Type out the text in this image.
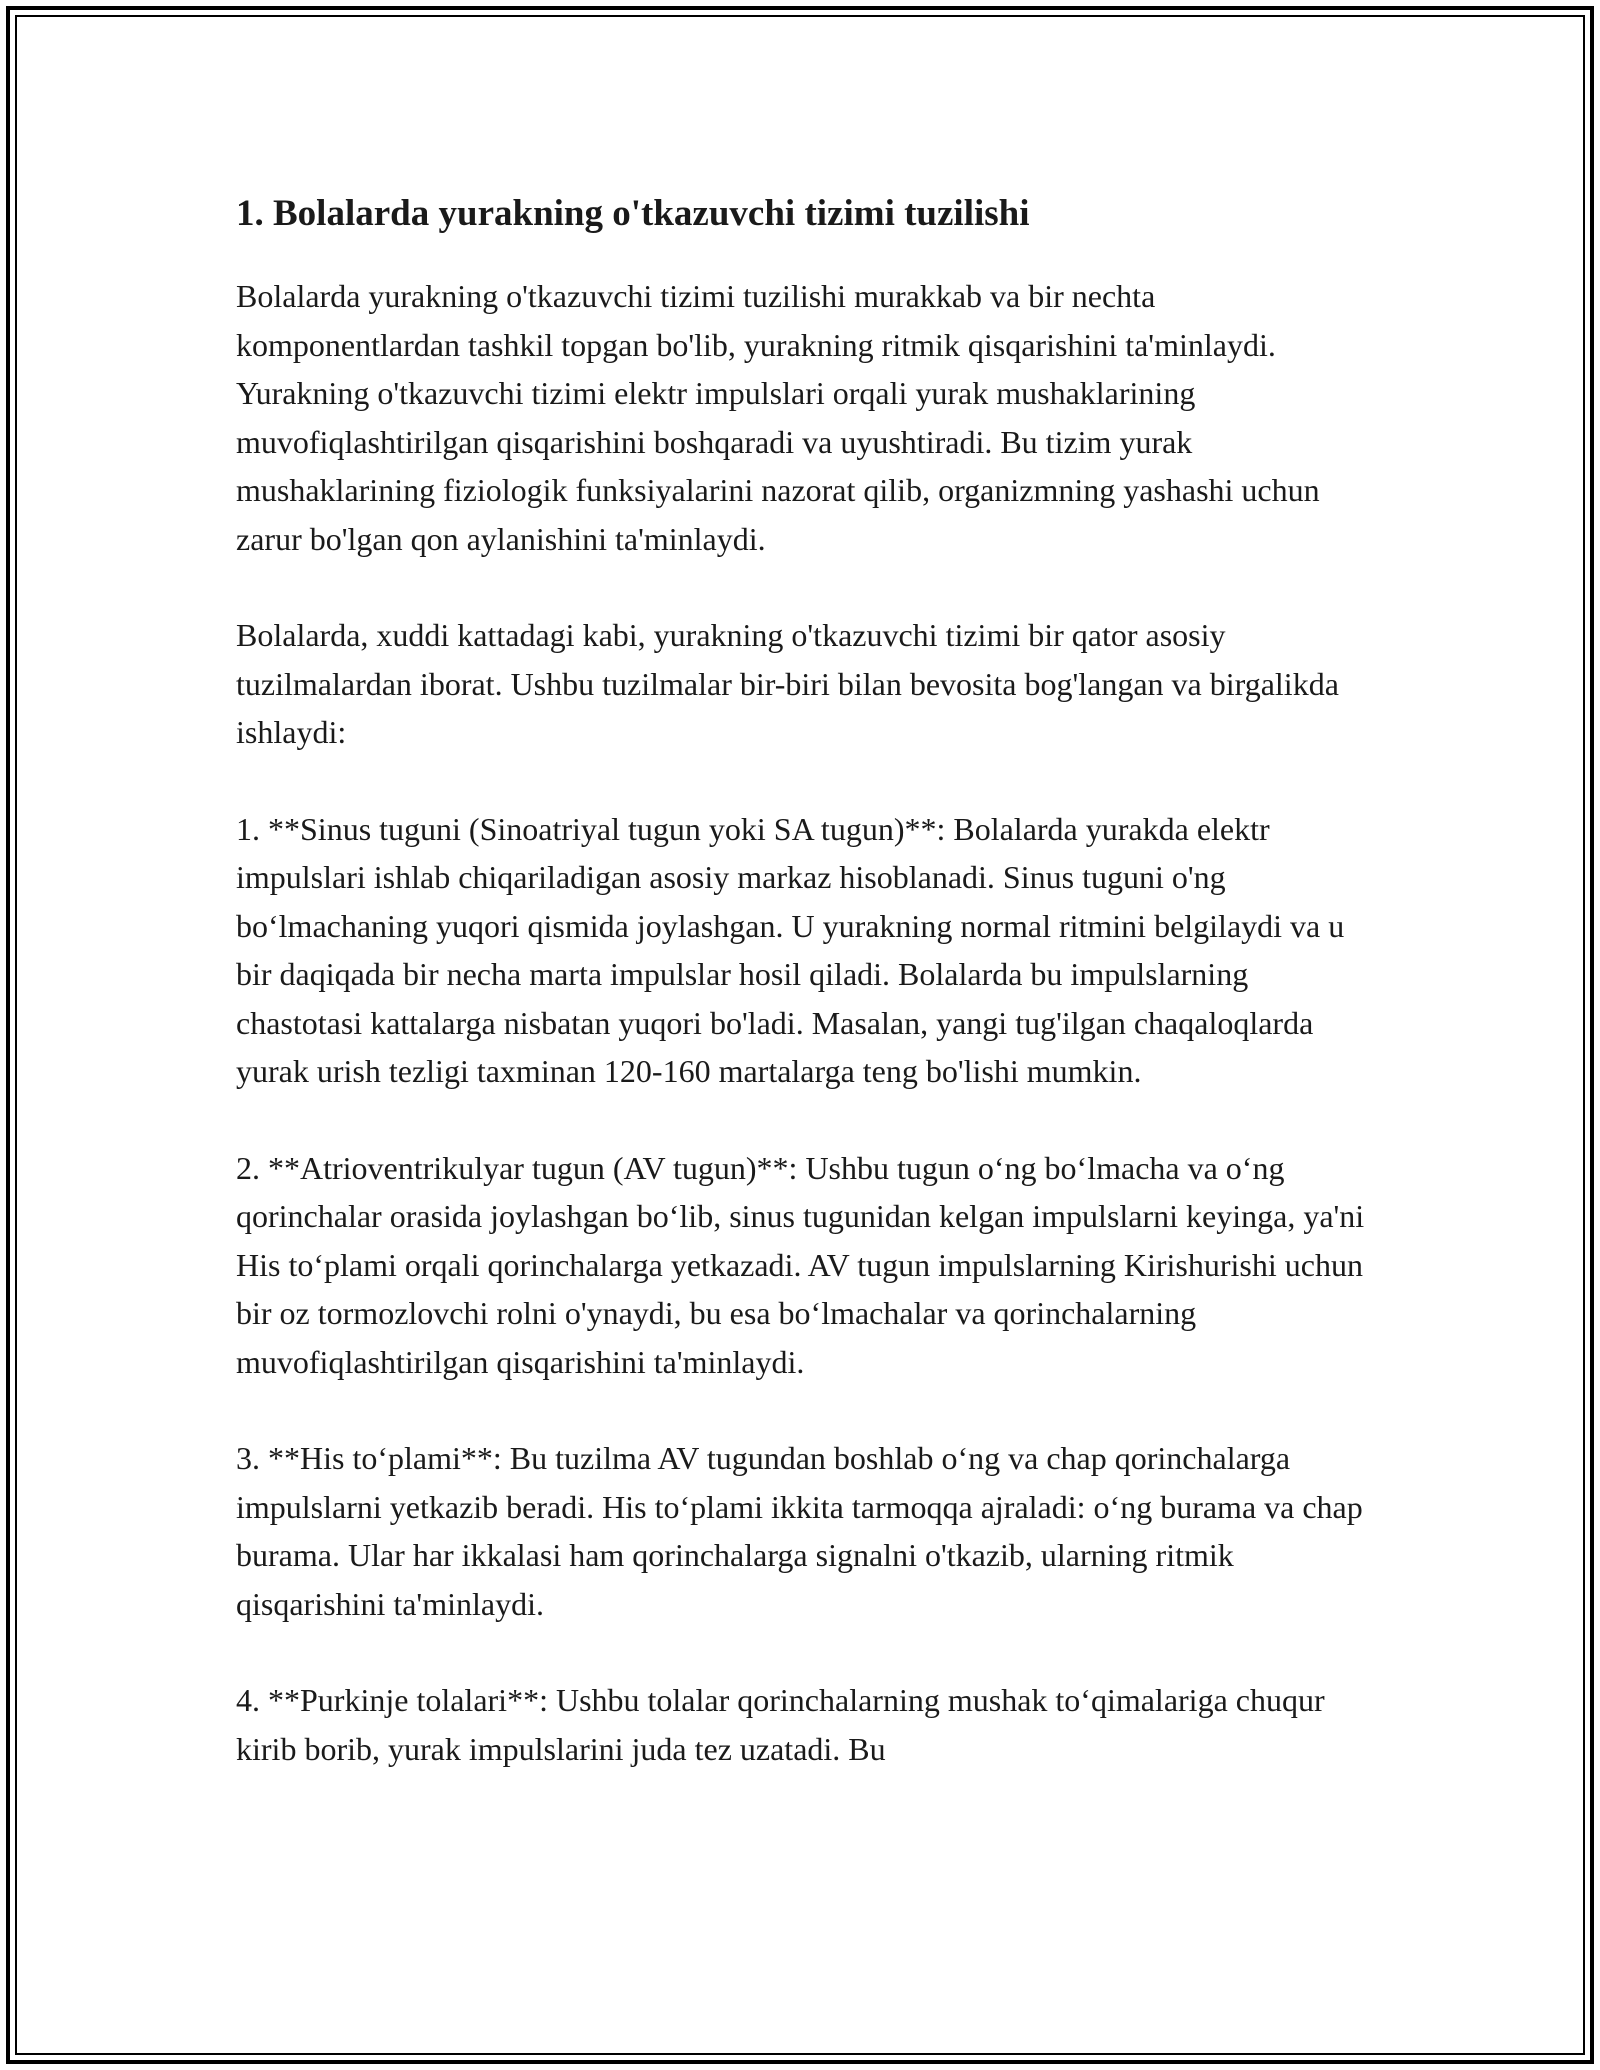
1. Bolalarda yurakning o'tkazuvchi tizimi tuzilishi

Bolalarda yurakning o'tkazuvchi tizimi tuzilishi murakkab va bir nechta komponentlardan tashkil topgan bo'lib, yurakning ritmik qisqarishini ta'minlaydi. Yurakning o'tkazuvchi tizimi elektr impulslari orqali yurak mushaklarining muvofiqlashtirilgan qisqarishini boshqaradi va uyushtiradi. Bu tizim yurak mushaklarining fiziologik funksiyalarini nazorat qilib, organizmning yashashi uchun zarur bo'lgan qon aylanishini ta'minlaydi.

Bolalarda, xuddi kattadagi kabi, yurakning o'tkazuvchi tizimi bir qator asosiy tuzilmalardan iborat. Ushbu tuzilmalar bir-biri bilan bevosita bog'langan va birgalikda ishlaydi:

1. **Sinus tuguni (Sinoatriyal tugun yoki SA tugun)**: Bolalarda yurakda elektr impulslari ishlab chiqariladigan asosiy markaz hisoblanadi. Sinus tuguni o'ng bo‘lmachaning yuqori qismida joylashgan. U yurakning normal ritmini belgilaydi va u bir daqiqada bir necha marta impulslar hosil qiladi. Bolalarda bu impulslarning chastotasi kattalarga nisbatan yuqori bo'ladi. Masalan, yangi tug'ilgan chaqaloqlarda yurak urish tezligi taxminan 120-160 martalarga teng bo'lishi mumkin.

2. **Atrioventrikulyar tugun (AV tugun)**: Ushbu tugun o‘ng bo‘lmacha va o‘ng qorinchalar orasida joylashgan bo‘lib, sinus tugunidan kelgan impulslarni keyinga, ya'ni His to‘plami orqali qorinchalarga yetkazadi. AV tugun impulslarning Kirishurishi uchun bir oz tormozlovchi rolni o'ynaydi, bu esa bo‘lmachalar va qorinchalarning muvofiqlashtirilgan qisqarishini ta'minlaydi.

3. **His to‘plami**: Bu tuzilma AV tugundan boshlab o‘ng va chap qorinchalarga impulslarni yetkazib beradi. His to‘plami ikkita tarmoqqa ajraladi: o‘ng burama va chap burama. Ular har ikkalasi ham qorinchalarga signalni o'tkazib, ularning ritmik qisqarishini ta'minlaydi.

4. **Purkinje tolalari**: Ushbu tolalar qorinchalarning mushak to‘qimalariga chuqur kirib borib, yurak impulslarini juda tez uzatadi. Bu
